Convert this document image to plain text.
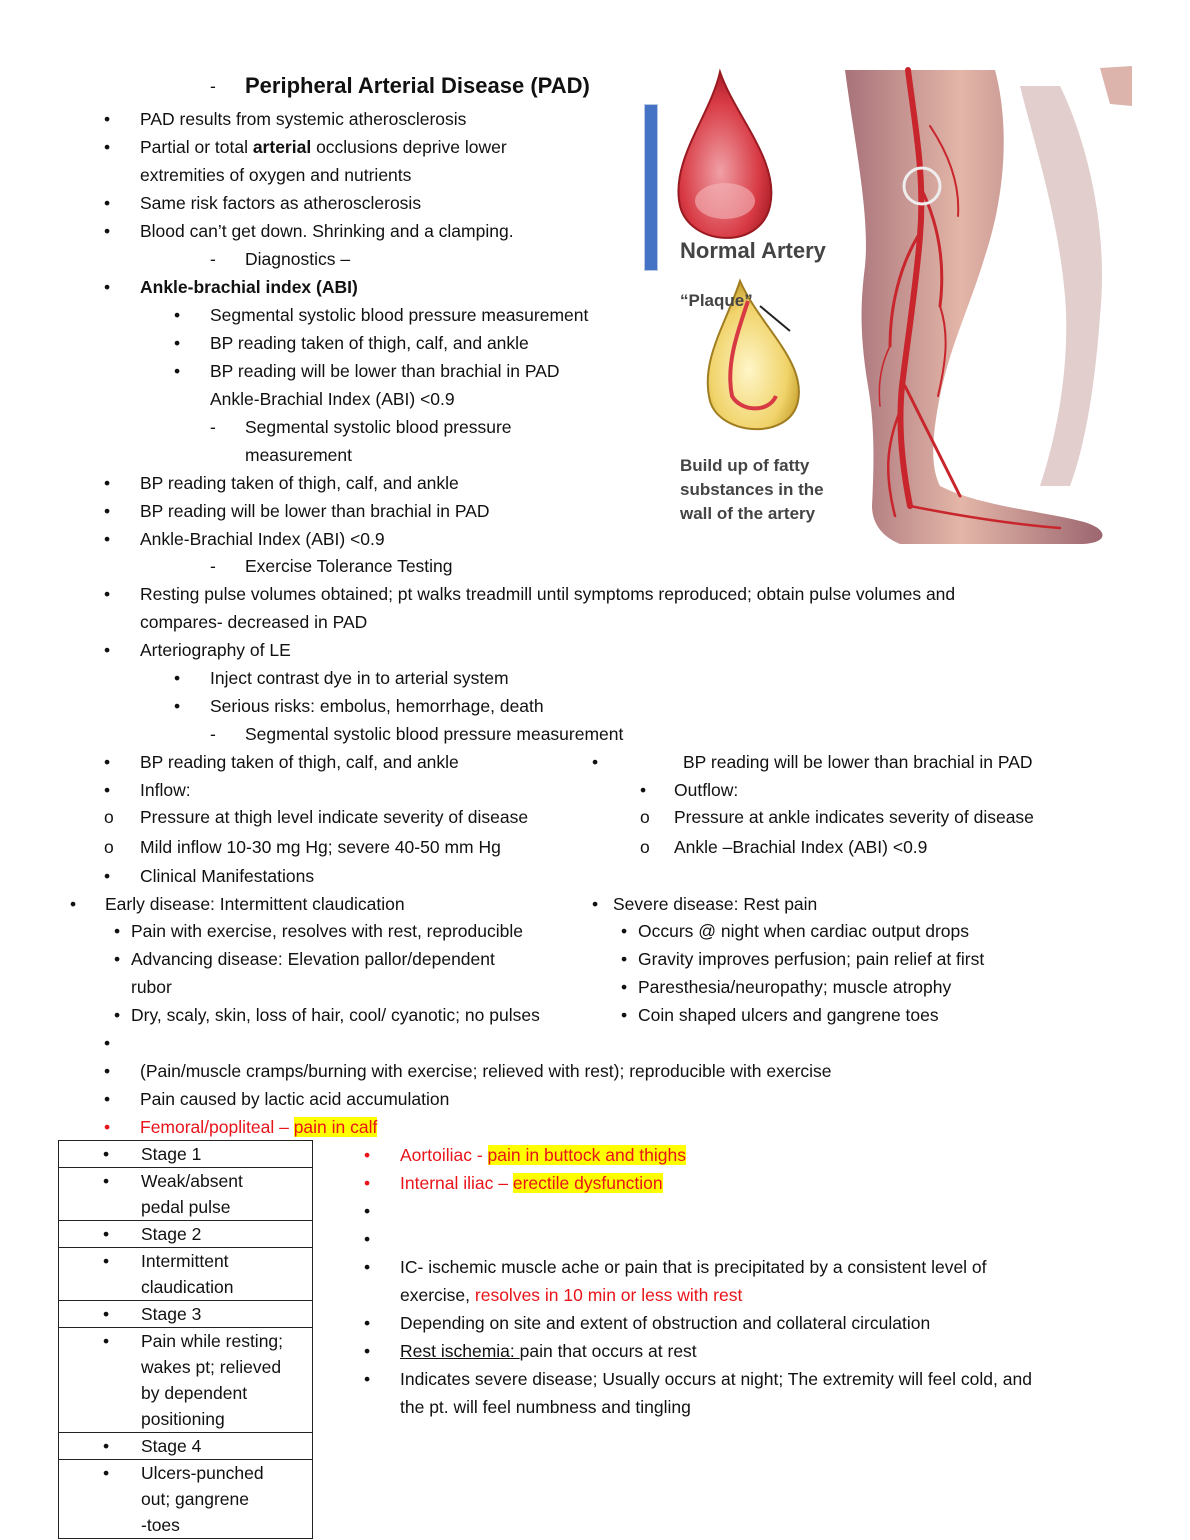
- Peripheral Arterial Disease (PAD)
• PAD results from systemic atherosclerosis
• Partial or total arterial occlusions deprive lower
extremities of oxygen and nutrients
• Same risk factors as atherosclerosis
• Blood can’t get down. Shrinking and a clamping.
- Diagnostics –
• Ankle-brachial index (ABI)
• Segmental systolic blood pressure measurement
• BP reading taken of thigh, calf, and ankle
• BP reading will be lower than brachial in PAD
Ankle-Brachial Index (ABI) <0.9
- Segmental systolic blood pressure
measurement
• BP reading taken of thigh, calf, and ankle
• BP reading will be lower than brachial in PAD
• Ankle-Brachial Index (ABI) <0.9
- Exercise Tolerance Testing
• Resting pulse volumes obtained; pt walks treadmill until symptoms reproduced; obtain pulse volumes and
compares- decreased in PAD
• Arteriography of LE
• Inject contrast dye in to arterial system
• Serious risks: embolus, hemorrhage, death
- Segmental systolic blood pressure measurement
• BP reading taken of thigh, calf, and ankle	•	BP reading will be lower than brachial in PAD
• Inflow:	• Outflow:
o Pressure at thigh level indicate severity of disease	o Pressure at ankle indicates severity of disease
o Mild inflow 10-30 mg Hg; severe 40-50 mm Hg	o Ankle –Brachial Index (ABI) <0.9
• Clinical Manifestations
• Early disease: Intermittent claudication	• Severe disease: Rest pain
• Pain with exercise, resolves with rest, reproducible	• Occurs @ night when cardiac output drops
• Advancing disease: Elevation pallor/dependent	• Gravity improves perfusion; pain relief at first
rubor	• Paresthesia/neuropathy; muscle atrophy
• Dry, scaly, skin, loss of hair, cool/ cyanotic; no pulses	• Coin shaped ulcers and gangrene toes
•
• (Pain/muscle cramps/burning with exercise; relieved with rest); reproducible with exercise
• Pain caused by lactic acid accumulation
• Femoral/popliteal – pain in calf
• Aortoiliac - pain in buttock and thighs
• Internal iliac – erectile dysfunction
•
•
• IC- ischemic muscle ache or pain that is precipitated by a consistent level of
exercise, resolves in 10 min or less with rest
• Depending on site and extent of obstruction and collateral circulation
• Rest ischemia: pain that occurs at rest
• Indicates severe disease; Usually occurs at night; The extremity will feel cold, and
the pt. will feel numbness and tingling
• Stage 1

• Weak/absent
pedal pulse

• Stage 2

• Intermittent
claudication

• Stage 3

• Pain while resting;
wakes pt; relieved
by dependent
positioning

• Stage 4

• Ulcers-punched
out; gangrene
-toes
Normal Artery
“Plaque”
Build up of fatty
substances in the
wall of the artery
